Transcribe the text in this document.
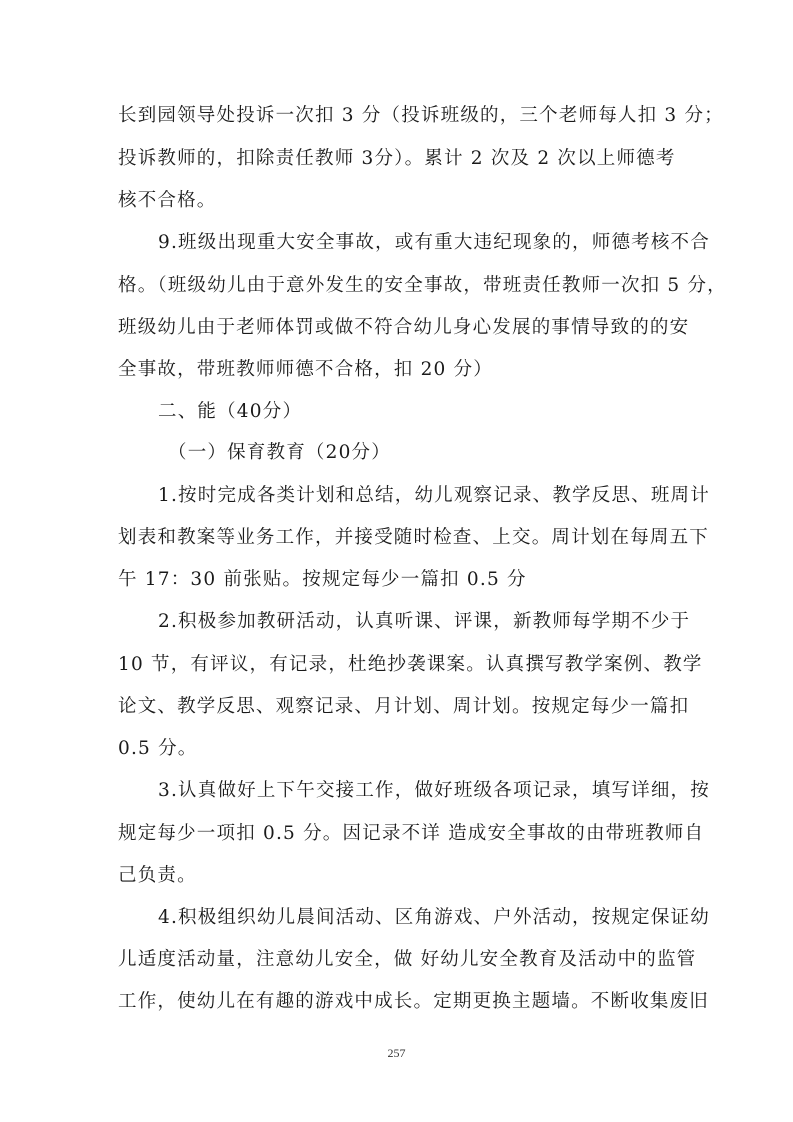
长到园领导处投诉一次扣 3 分（投诉班级的，三个老师每人扣 3 分；
投诉教师的，扣除责任教师 3分）。累计 2 次及 2 次以上师德考
核不合格。
9.班级出现重大安全事故，或有重大违纪现象的，师德考核不合
格。（班级幼儿由于意外发生的安全事故，带班责任教师一次扣 5 分，
班级幼儿由于老师体罚或做不符合幼儿身心发展的事情导致的的安
全事故，带班教师师德不合格，扣 20 分）
二、能（40分）
（一）保育教育（20分）
1.按时完成各类计划和总结，幼儿观察记录、教学反思、班周计
划表和教案等业务工作，并接受随时检查、上交。周计划在每周五下
午 17：30 前张贴。按规定每少一篇扣 0.5 分
2.积极参加教研活动，认真听课、评课，新教师每学期不少于
10 节，有评议，有记录，杜绝抄袭课案。认真撰写教学案例、教学
论文、教学反思、观察记录、月计划、周计划。按规定每少一篇扣
0.5 分。
3.认真做好上下午交接工作，做好班级各项记录，填写详细，按
规定每少一项扣 0.5 分。因记录不详 造成安全事故的由带班教师自
己负责。
4.积极组织幼儿晨间活动、区角游戏、户外活动，按规定保证幼
儿适度活动量，注意幼儿安全，做 好幼儿安全教育及活动中的监管
工作，使幼儿在有趣的游戏中成长。定期更换主题墙。不断收集废旧
257
